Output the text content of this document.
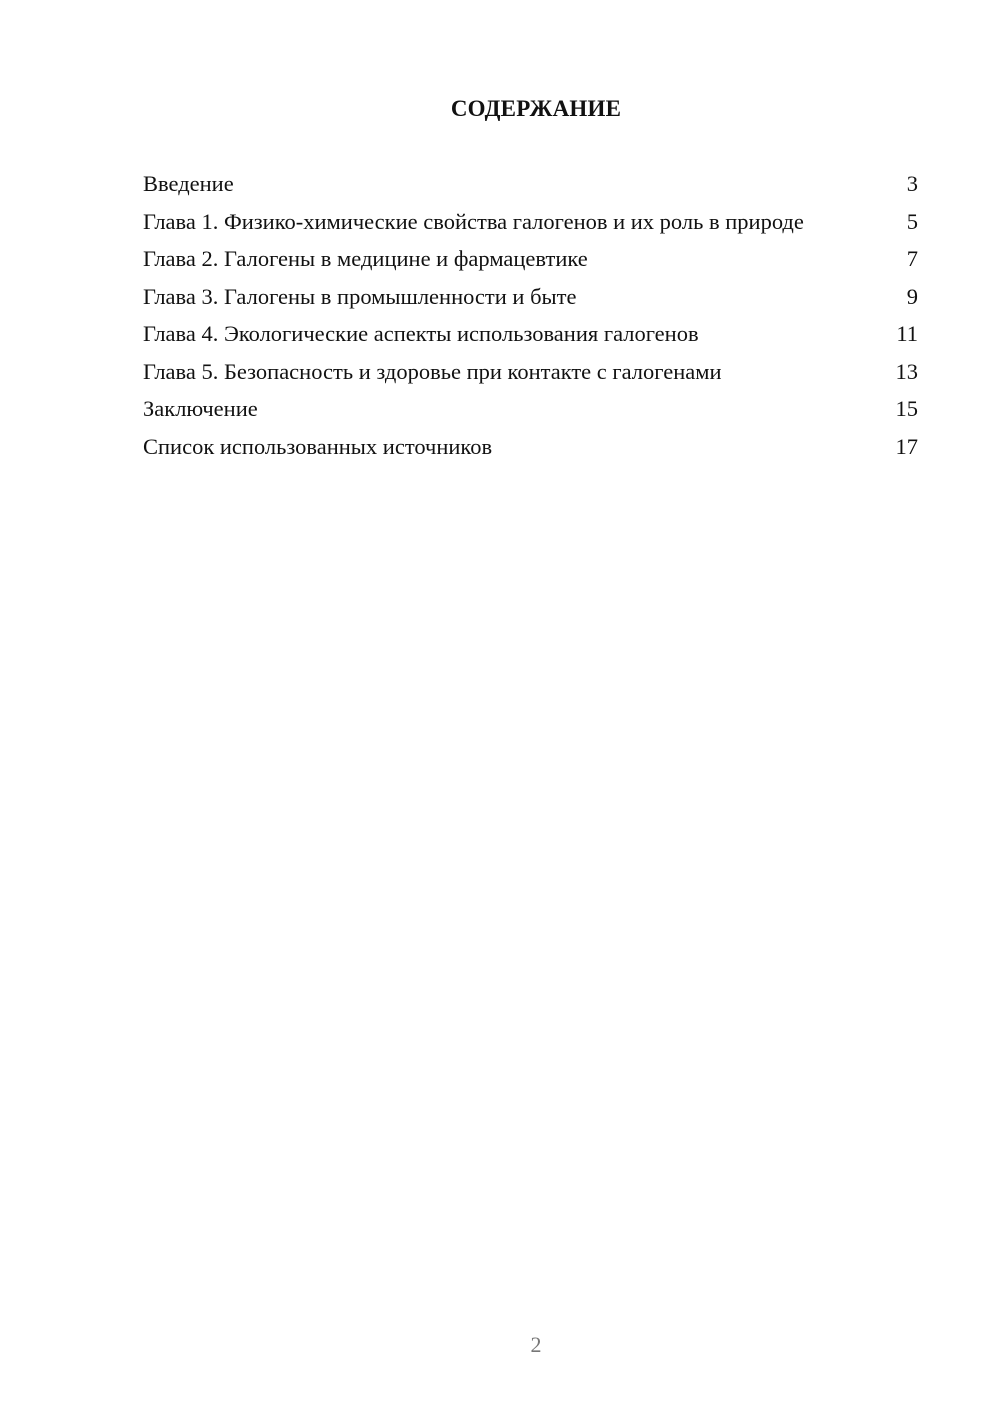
СОДЕРЖАНИЕ
Введение	3
Глава 1. Физико-химические свойства галогенов и их роль в природе	5
Глава 2. Галогены в медицине и фармацевтике	7
Глава 3. Галогены в промышленности и быте	9
Глава 4. Экологические аспекты использования галогенов	11
Глава 5. Безопасность и здоровье при контакте с галогенами	13
Заключение	15
Список использованных источников	17
2
